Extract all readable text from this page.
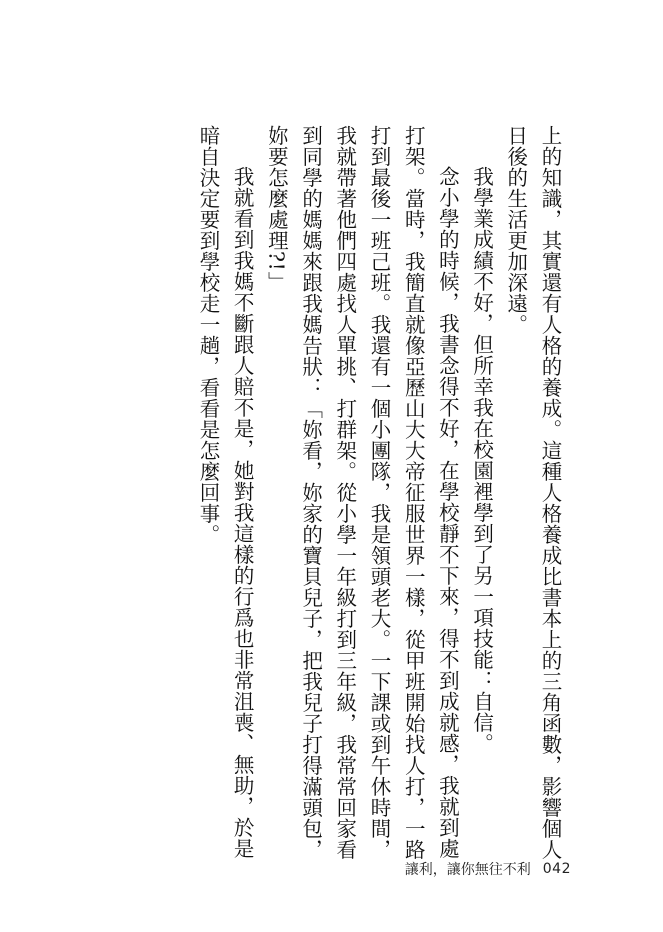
上的知識，其實還有人格的養成。這種人格養成比書本上的三角函數，影響個人日後的生活更加深遠。

我學業成績不好，但所幸我在校園裡學到了另一項技能：自信。

念小學的時候，我書念得不好，在學校靜不下來，得不到成就感，我就到處打架。當時，我簡直就像亞歷山大大帝征服世界一樣，從甲班開始找人打，一路打到最後一班己班。我還有一個小團隊，我是領頭老大。一下課或到午休時間，我就帶著他們四處找人單挑、打群架。從小學一年級打到三年級，我常常回家看到同學的媽媽來跟我媽告狀：「妳看，妳家的寶貝兒子，把我兒子打得滿頭包，妳要怎麼處理?!」

我就看到我媽不斷跟人賠不是，她對我這樣的行爲也非常沮喪、無助，於是暗自決定要到學校走一趟，看看是怎麼回事。

讓利，讓你無往不利 042
